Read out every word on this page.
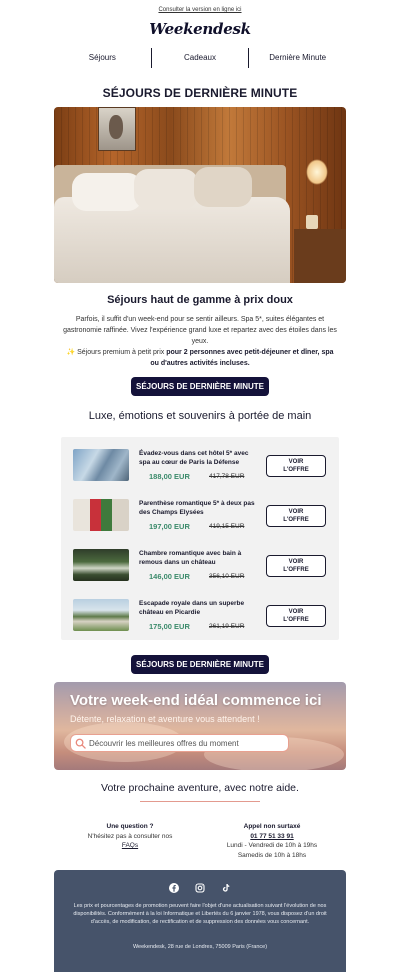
Consulter la version en ligne ici
Weekendesk
Séjours	Cadeaux	Dernière Minute
SÉJOURS DE DERNIÈRE MINUTE
Séjours haut de gamme à prix doux
Parfois, il suffit d'un week-end pour se sentir ailleurs. Spa 5*, suites élégantes et gastronomie raffinée. Vivez l'expérience grand luxe et repartez avec des étoiles dans les yeux.
✨ Séjours premium à petit prix pour 2 personnes avec petit-déjeuner et dîner, spa ou d'autres activités incluses.
SÉJOURS DE DERNIÈRE MINUTE
Luxe, émotions et souvenirs à portée de main
Évadez-vous dans cet hôtel 5* avec spa au cœur de Paris la Défense
188,00 EUR	417,78 EUR
VOIR
L'OFFRE
Parenthèse romantique 5* à deux pas des Champs Elysées
197,00 EUR	419,15 EUR
VOIR
L'OFFRE
Chambre romantique avec bain à remous dans un château
146,00 EUR	356,10 EUR
VOIR
L'OFFRE
Escapade royale dans un superbe château en Picardie
175,00 EUR	261,19 EUR
VOIR
L'OFFRE
SÉJOURS DE DERNIÈRE MINUTE
Votre week-end idéal commence ici
Détente, relaxation et aventure vous attendent !
Découvrir les meilleures offres du moment
Votre prochaine aventure, avec notre aide.
Une question ?
N'hésitez pas à consulter nos
FAQs
Appel non surtaxé
01 77 51 33 91
Lundi - Vendredi de 10h à 19hs
Samedis de 10h à 18hs

Les prix et pourcentages de promotion peuvent faire l'objet d'une actualisation suivant l'évolution de nos disponibilités. Conformément à la loi Informatique et Libertés du 6 janvier 1978, vous disposez d'un droit d'accès, de modification, de rectification et de suppression des données vous concernant.
Weekendesk, 28 rue de Londres, 75009 Paris (France)
